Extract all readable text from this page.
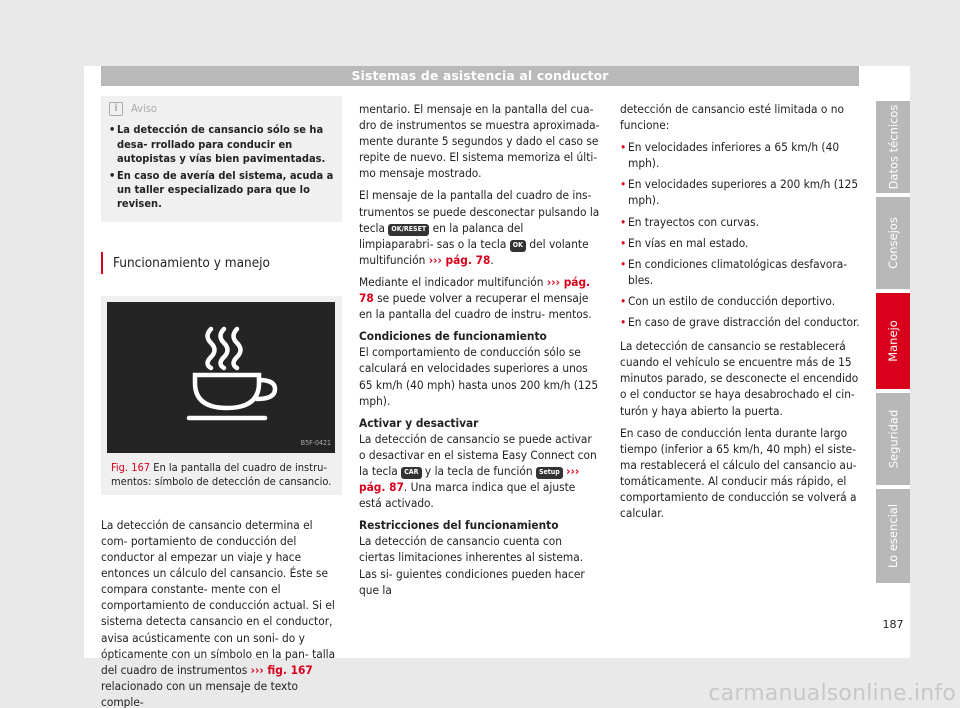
Sistemas de asistencia al conductor
i	Aviso
• La detección de cansancio sólo se ha desa- rrollado para conducir en autopistas y vías bien pavimentadas.
• En caso de avería del sistema, acuda a un taller especializado para que lo revisen.
Funcionamiento y manejo
B5F-0421
Fig. 167 En la pantalla del cuadro de instru- mentos: símbolo de detección de cansancio.

La detección de cansancio determina el com- portamiento de conducción del conductor al empezar un viaje y hace entonces un cálculo del cansancio. Éste se compara constante- mente con el comportamiento de conducción actual. Si el sistema detecta cansancio en el conductor, avisa acústicamente con un soni- do y ópticamente con un símbolo en la pan- talla del cuadro de instrumentos ››› fig. 167 relacionado con un mensaje de texto comple-

mentario. El mensaje en la pantalla del cua- dro de instrumentos se muestra aproximada- mente durante 5 segundos y dado el caso se repite de nuevo. El sistema memoriza el últi- mo mensaje mostrado.

El mensaje de la pantalla del cuadro de ins- trumentos se puede desconectar pulsando la tecla OK/RESET en la palanca del limpiaparabri- sas o la tecla OK del volante multifunción ››› pág. 78.

Mediante el indicador multifunción ››› pág. 78 se puede volver a recuperar el mensaje en la pantalla del cuadro de instru- mentos.

Condiciones de funcionamiento

El comportamiento de conducción sólo se calculará en velocidades superiores a unos 65 km/h (40 mph) hasta unos 200 km/h (125 mph).

Activar y desactivar

La detección de cansancio se puede activar o desactivar en el sistema Easy Connect con la tecla CAR y la tecla de función Setup ››› pág. 87. Una marca indica que el ajuste está activado.

Restricciones del funcionamiento

La detección de cansancio cuenta con ciertas limitaciones inherentes al sistema. Las si- guientes condiciones pueden hacer que la

detección de cansancio esté limitada o no funcione:

• En velocidades inferiores a 65 km/h (40 mph).
• En velocidades superiores a 200 km/h (125 mph).
• En trayectos con curvas.
• En vías en mal estado.
• En condiciones climatológicas desfavora- bles.
• Con un estilo de conducción deportivo.
• En caso de grave distracción del conductor.

La detección de cansancio se restablecerá cuando el vehículo se encuentre más de 15 minutos parado, se desconecte el encendido o el conductor se haya desabrochado el cin- turón y haya abierto la puerta.

En caso de conducción lenta durante largo tiempo (inferior a 65 km/h, 40 mph) el siste- ma restablecerá el cálculo del cansancio au- tomáticamente. Al conducir más rápido, el comportamiento de conducción se volverá a calcular.

Datos técnicos
Consejos
Manejo
Seguridad
Lo esencial
187
carmanualsonline.info
